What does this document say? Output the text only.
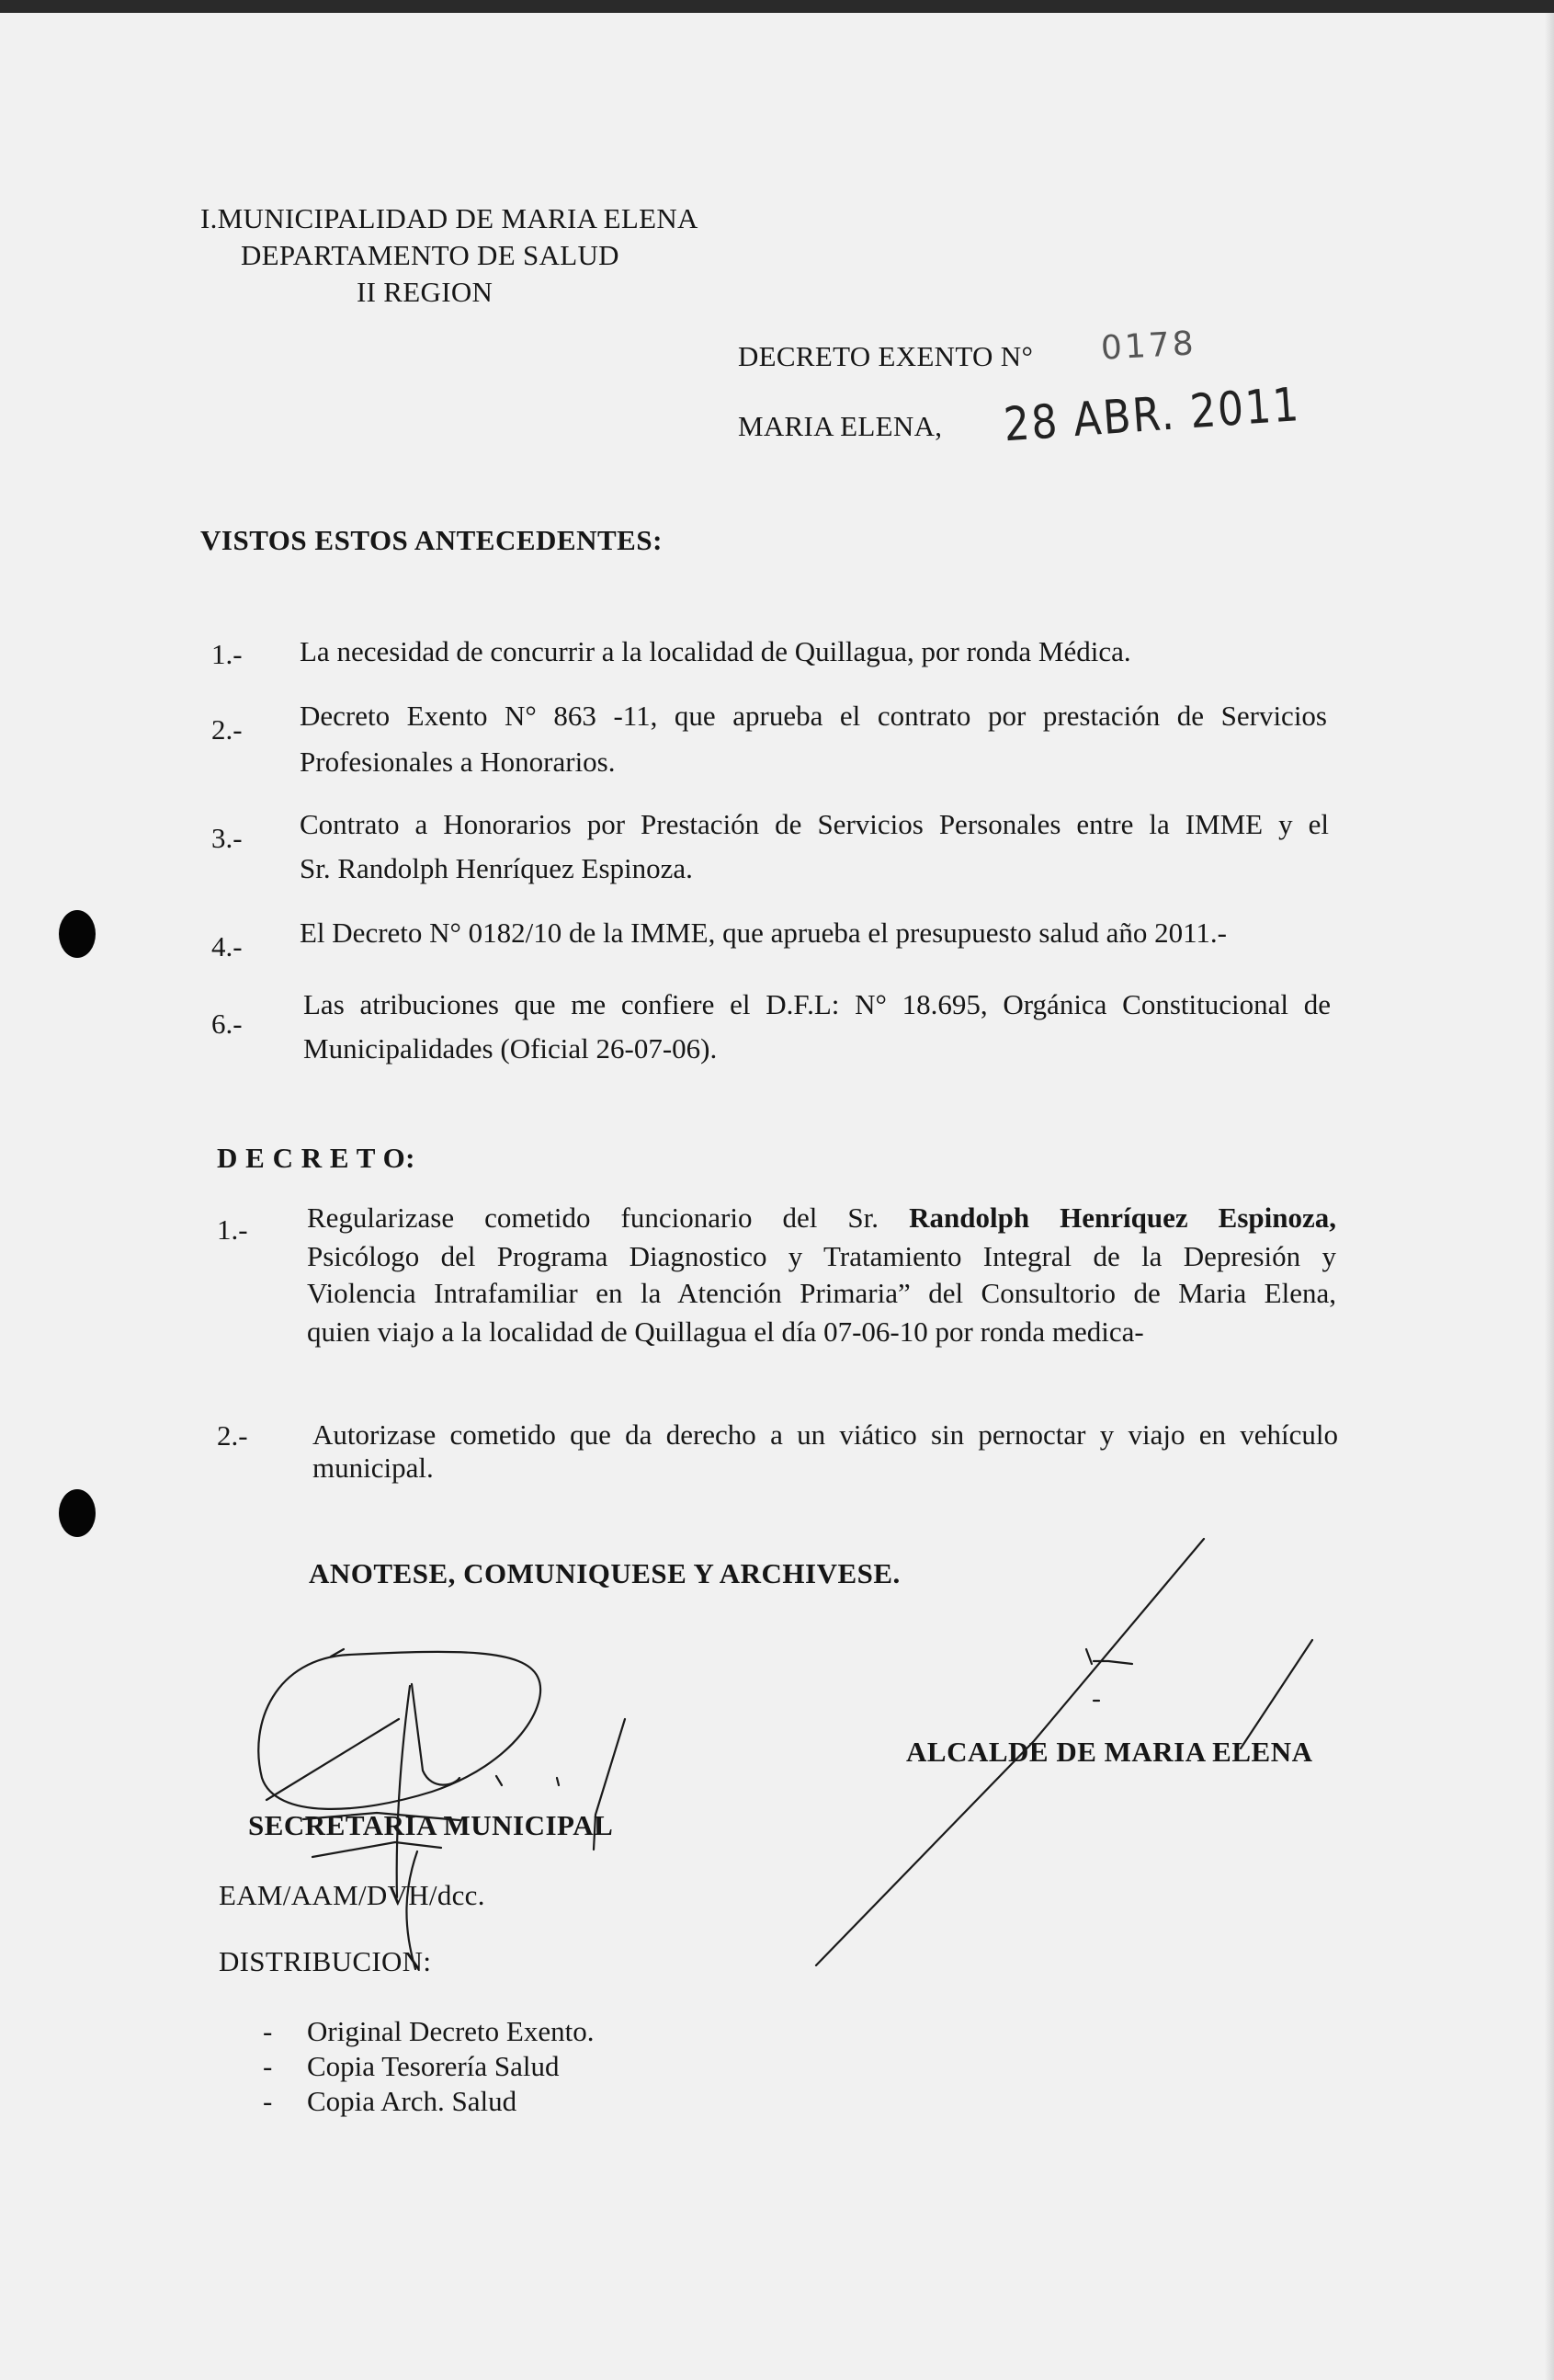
I.MUNICIPALIDAD DE MARIA ELENA
DEPARTAMENTO DE SALUD
II REGION
DECRETO EXENTO N° 0178
MARIA ELENA, 28 ABR. 2011
VISTOS ESTOS ANTECEDENTES:
1.- La necesidad de concurrir a la localidad de Quillagua, por ronda Médica.
2.- Decreto Exento N° 863 -11, que aprueba el contrato por prestación de Servicios
Profesionales a Honorarios.
3.- Contrato a Honorarios por Prestación de Servicios Personales entre la IMME y el
Sr. Randolph Henríquez Espinoza.
4.- El Decreto N° 0182/10 de la IMME, que aprueba el presupuesto salud año 2011.-
6.-
Las atribuciones que me confiere el D.F.L: N° 18.695, Orgánica Constitucional de
Municipalidades (Oficial 26-07-06).
D E C R E T O:
1.- Regularizase cometido funcionario del Sr. Randolph Henríquez Espinoza,
Psicólogo del Programa Diagnostico y Tratamiento Integral de la Depresión y
Violencia Intrafamiliar en la Atención Primaria” del Consultorio de Maria Elena,
quien viajo a la localidad de Quillagua el día 07-06-10 por ronda medica-
2.- Autorizase cometido que da derecho a un viático sin pernoctar y viajo en vehículo
municipal.
ANOTESE, COMUNIQUESE Y ARCHIVESE.
ALCALDE DE MARIA ELENA
SECRETARIA MUNICIPAL
EAM/AAM/DVH/dcc.
DISTRIBUCION:
- Original Decreto Exento.
- Copia Tesorería Salud
- Copia Arch. Salud
